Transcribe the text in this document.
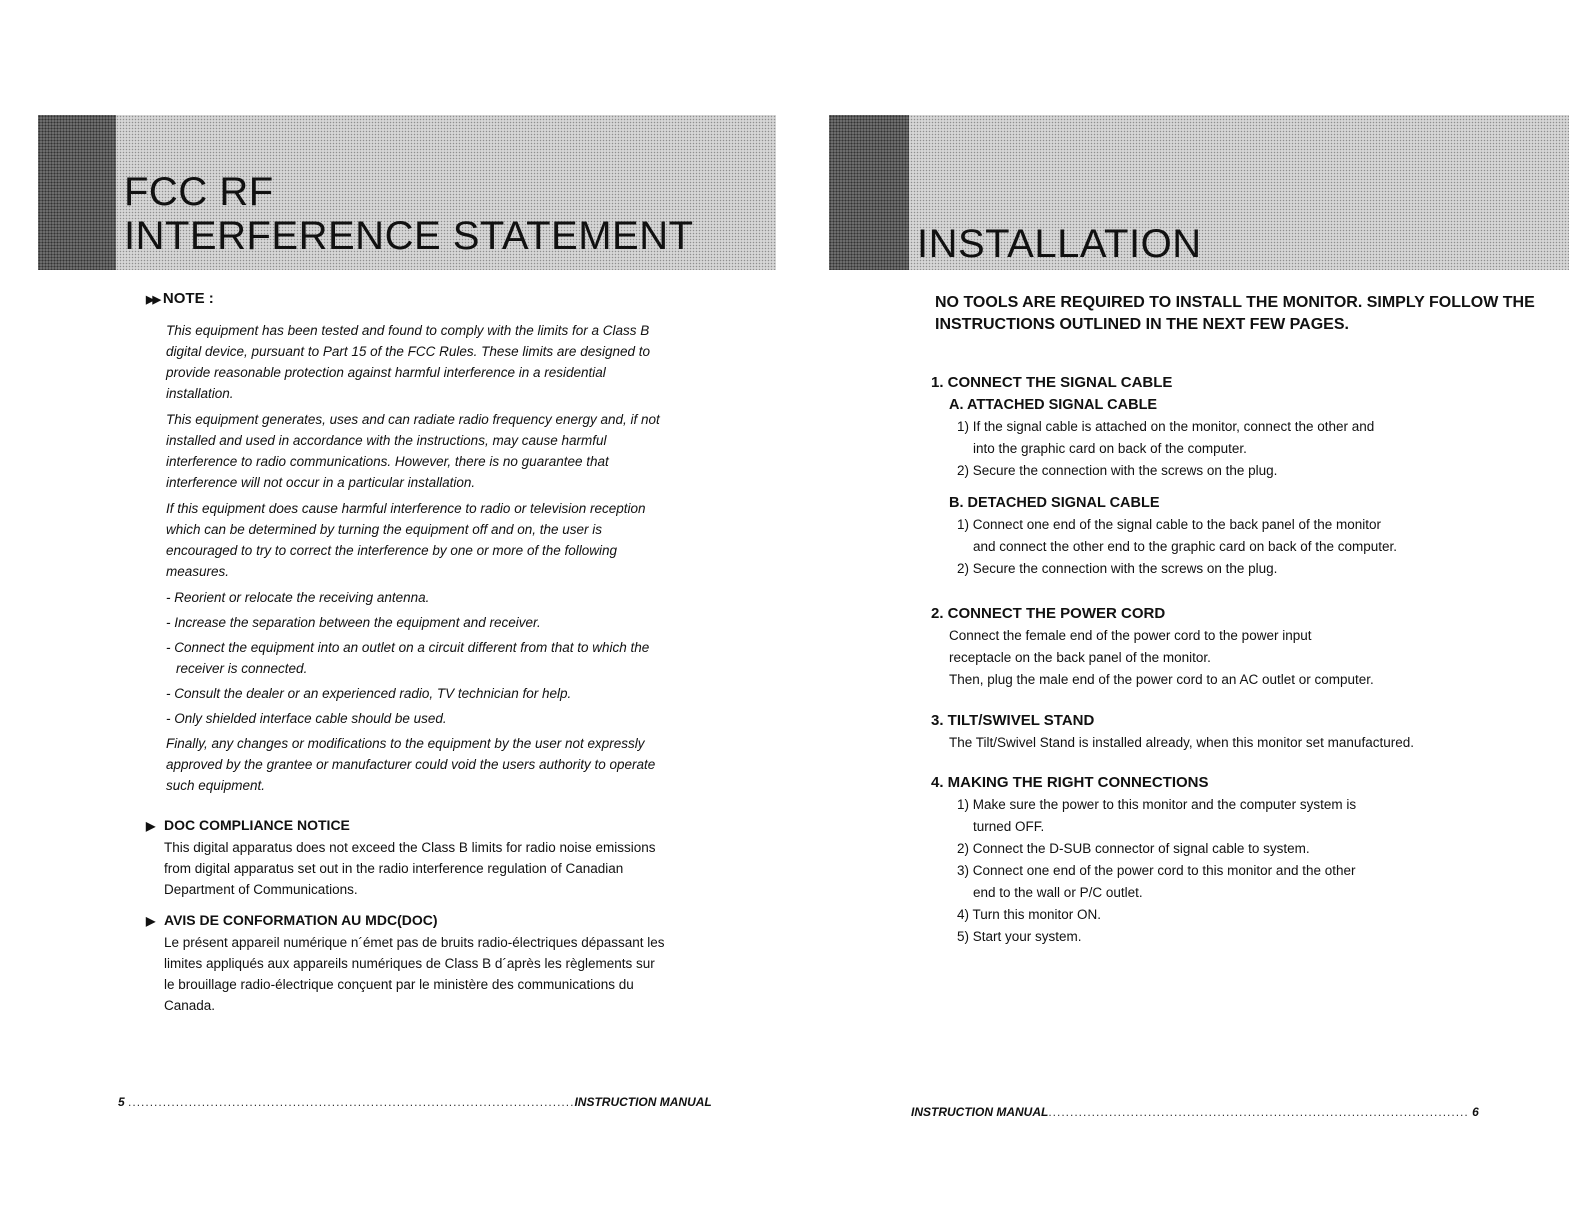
FCC RF
INTERFERENCE STATEMENT
▶▶ NOTE :

This equipment has been tested and found to comply with the limits for a Class B digital device, pursuant to Part 15 of the FCC Rules. These limits are designed to provide reasonable protection against harmful interference in a residential installation.

This equipment generates, uses and can radiate radio frequency energy and, if not installed and used in accordance with the instructions, may cause harmful interference to radio communications. However, there is no guarantee that interference will not occur in a particular installation.

If this equipment does cause harmful interference to radio or television reception which can be determined by turning the equipment off and on, the user is encouraged to try to correct the interference by one or more of the following measures.

- Reorient or relocate the receiving antenna.

- Increase the separation between the equipment and receiver.

- Connect the equipment into an outlet on a circuit different from that to which the receiver is connected.

- Consult the dealer or an experienced radio, TV technician for help.

- Only shielded interface cable should be used.

Finally, any changes or modifications to the equipment by the user not expressly approved by the grantee or manufacturer could void the users authority to operate such equipment.

▶ DOC COMPLIANCE NOTICE
This digital apparatus does not exceed the Class B limits for radio noise emissions from digital apparatus set out in the radio interference regulation of Canadian Department of Communications.
▶ AVIS DE CONFORMATION AU MDC(DOC)
Le présent appareil numérique n´émet pas de bruits radio-électriques dépassant les limites appliqués aux appareils numériques de Class B d´après les règlements sur le brouillage radio-électrique conçuent par le ministère des communications du Canada.
5 .......................................................................................................INSTRUCTION MANUAL
INSTALLATION
NO TOOLS ARE REQUIRED TO INSTALL THE MONITOR. SIMPLY FOLLOW THE INSTRUCTIONS OUTLINED IN THE NEXT FEW PAGES.
1. CONNECT THE SIGNAL CABLE
A. ATTACHED SIGNAL CABLE
1) If the signal cable is attached on the monitor, connect the other and into the graphic card on back of the computer.
2) Secure the connection with the screws on the plug.
B. DETACHED SIGNAL CABLE
1) Connect one end of the signal cable to the back panel of the monitor and connect the other end to the graphic card on back of the computer.
2) Secure the connection with the screws on the plug.
2. CONNECT THE POWER CORD
Connect the female end of the power cord to the power input
receptacle on the back panel of the monitor.
Then, plug the male end of the power cord to an AC outlet or computer.
3. TILT/SWIVEL STAND
The Tilt/Swivel Stand is installed already, when this monitor set manufactured.
4. MAKING THE RIGHT CONNECTIONS
1) Make sure the power to this monitor and the computer system is turned OFF.
2) Connect the D-SUB connector of signal cable to system.
3) Connect one end of the power cord to this monitor and the other end to the wall or P/C outlet.
4) Turn this monitor ON.
5) Start your system.
INSTRUCTION MANUAL................................................................................................. 6
